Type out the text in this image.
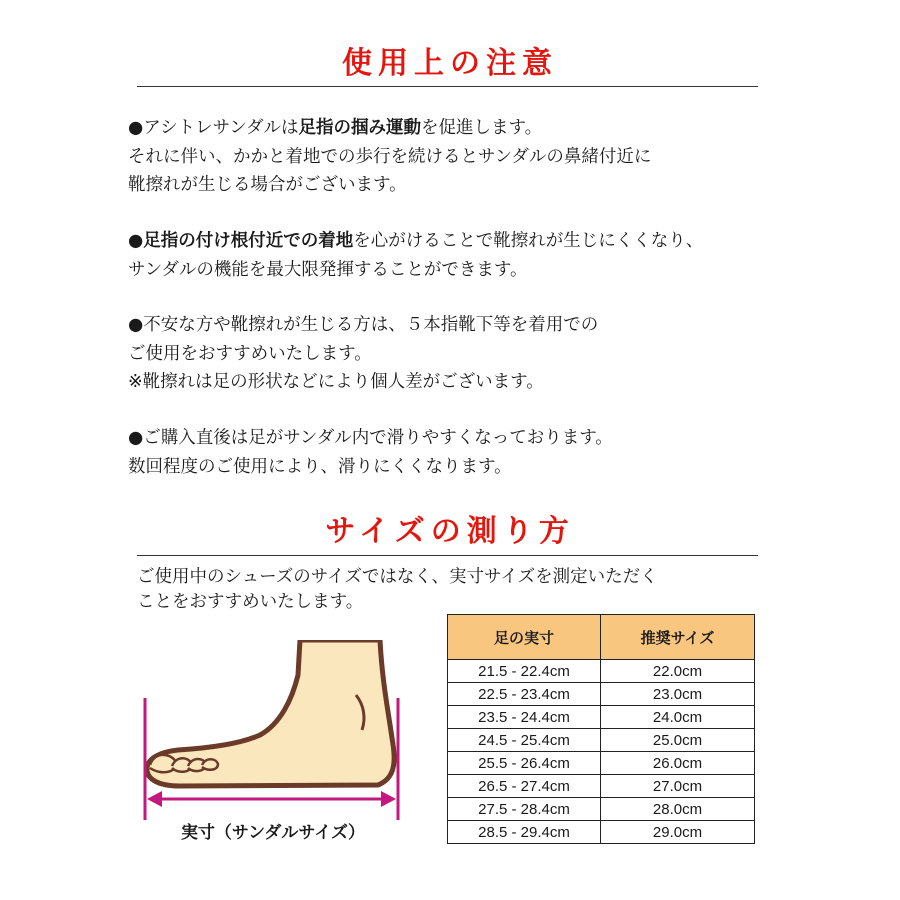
使用上の注意
●アシトレサンダルは足指の掴み運動を促進します。
それに伴い、かかと着地での歩行を続けるとサンダルの鼻緒付近に
靴擦れが生じる場合がございます。
●足指の付け根付近での着地を心がけることで靴擦れが生じにくくなり、
サンダルの機能を最大限発揮することができます。
●不安な方や靴擦れが生じる方は、５本指靴下等を着用での
ご使用をおすすめいたします。
※靴擦れは足の形状などにより個人差がございます。
●ご購入直後は足がサンダル内で滑りやすくなっております。
数回程度のご使用により、滑りにくくなります。
サイズの測り方
ご使用中のシューズのサイズではなく、実寸サイズを測定いただく
ことをおすすめいたします。
実寸（サンダルサイズ）
足の実寸	推奨サイズ
21.5 - 22.4cm	22.0cm
22.5 - 23.4cm	23.0cm
23.5 - 24.4cm	24.0cm
24.5 - 25.4cm	25.0cm
25.5 - 26.4cm	26.0cm
26.5 - 27.4cm	27.0cm
27.5 - 28.4cm	28.0cm
28.5 - 29.4cm	29.0cm
